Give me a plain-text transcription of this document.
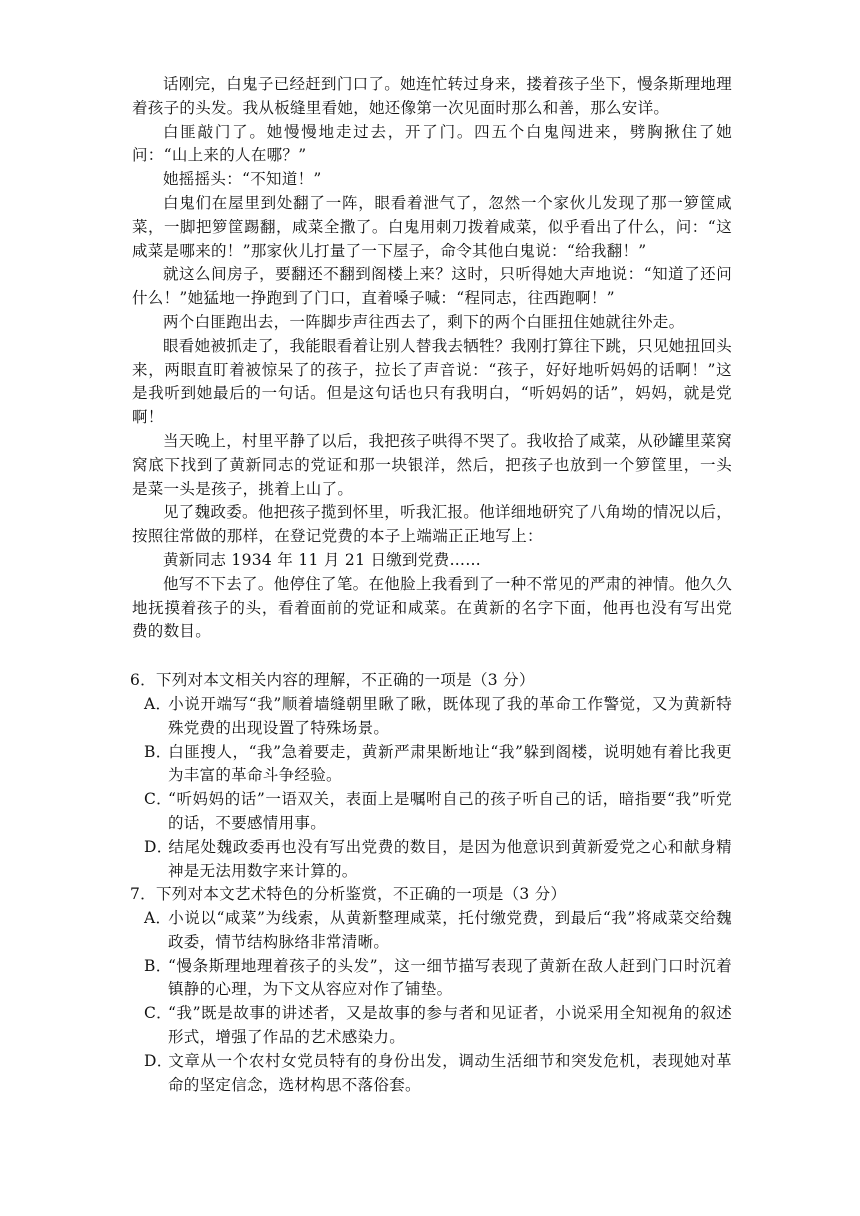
话刚完，白鬼子已经赶到门口了。她连忙转过身来，搂着孩子坐下，慢条斯理地理着孩子的头发。我从板缝里看她，她还像第一次见面时那么和善，那么安详。

白匪敲门了。她慢慢地走过去，开了门。四五个白鬼闯进来，劈胸揪住了她问：“山上来的人在哪？”

她摇摇头：“不知道！”

白鬼们在屋里到处翻了一阵，眼看着泄气了，忽然一个家伙儿发现了那一箩筐咸菜，一脚把箩筐踢翻，咸菜全撒了。白鬼用刺刀拨着咸菜，似乎看出了什么，问：“这咸菜是哪来的！”那家伙儿打量了一下屋子，命令其他白鬼说：“给我翻！”

就这么间房子，要翻还不翻到阁楼上来？这时，只听得她大声地说：“知道了还问什么！”她猛地一挣跑到了门口，直着嗓子喊：“程同志，往西跑啊！”

两个白匪跑出去，一阵脚步声往西去了，剩下的两个白匪扭住她就往外走。

眼看她被抓走了，我能眼看着让别人替我去牺牲？我刚打算往下跳，只见她扭回头来，两眼直盯着被惊呆了的孩子，拉长了声音说：“孩子，好好地听妈妈的话啊！”这是我听到她最后的一句话。但是这句话也只有我明白，“听妈妈的话”，妈妈，就是党啊！

当天晚上，村里平静了以后，我把孩子哄得不哭了。我收拾了咸菜，从砂罐里菜窝窝底下找到了黄新同志的党证和那一块银洋，然后，把孩子也放到一个箩筐里，一头是菜一头是孩子，挑着上山了。

见了魏政委。他把孩子揽到怀里，听我汇报。他详细地研究了八角坳的情况以后，按照往常做的那样，在登记党费的本子上端端正正地写上：

黄新同志 1934 年 11 月 21 日缴到党费……

他写不下去了。他停住了笔。在他脸上我看到了一种不常见的严肃的神情。他久久地抚摸着孩子的头，看着面前的党证和咸菜。在黄新的名字下面，他再也没有写出党费的数目。

6．下列对本文相关内容的理解，不正确的一项是（3 分）

A．小说开端写“我”顺着墙缝朝里瞅了瞅，既体现了我的革命工作警觉，又为黄新特殊党费的出现设置了特殊场景。

B．白匪搜人，“我”急着要走，黄新严肃果断地让“我”躲到阁楼，说明她有着比我更为丰富的革命斗争经验。

C．“听妈妈的话”一语双关，表面上是嘱咐自己的孩子听自己的话，暗指要“我”听党的话，不要感情用事。

D．结尾处魏政委再也没有写出党费的数目，是因为他意识到黄新爱党之心和献身精神是无法用数字来计算的。

7．下列对本文艺术特色的分析鉴赏，不正确的一项是（3 分）

A．小说以“咸菜”为线索，从黄新整理咸菜，托付缴党费，到最后“我”将咸菜交给魏政委，情节结构脉络非常清晰。

B．“慢条斯理地理着孩子的头发”，这一细节描写表现了黄新在敌人赶到门口时沉着镇静的心理，为下文从容应对作了铺垫。

C．“我”既是故事的讲述者，又是故事的参与者和见证者，小说采用全知视角的叙述形式，增强了作品的艺术感染力。

D．文章从一个农村女党员特有的身份出发，调动生活细节和突发危机，表现她对革命的坚定信念，选材构思不落俗套。
